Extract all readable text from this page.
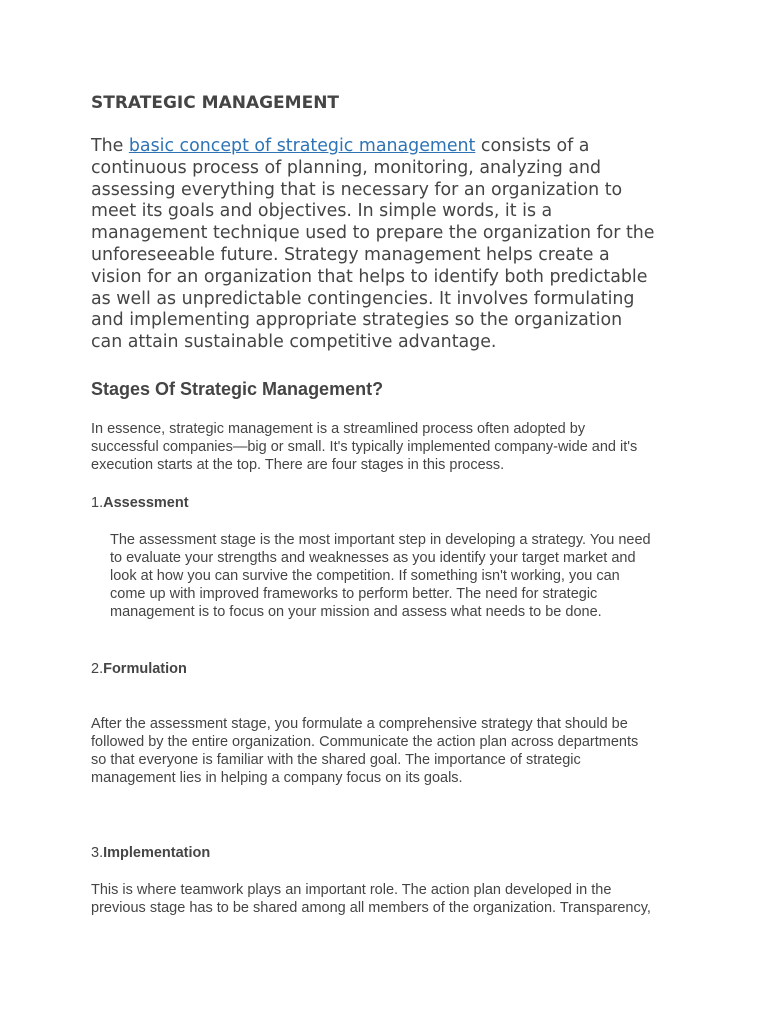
STRATEGIC MANAGEMENT
The basic concept of strategic management consists of a
continuous process of planning, monitoring, analyzing and
assessing everything that is necessary for an organization to
meet its goals and objectives. In simple words, it is a
management technique used to prepare the organization for the
unforeseeable future. Strategy management helps create a
vision for an organization that helps to identify both predictable
as well as unpredictable contingencies. It involves formulating
and implementing appropriate strategies so the organization
can attain sustainable competitive advantage.
Stages Of Strategic Management?

In essence, strategic management is a streamlined process often adopted by
successful companies—big or small. It's typically implemented company-wide and it's
execution starts at the top. There are four stages in this process.

1.Assessment

The assessment stage is the most important step in developing a strategy. You need
to evaluate your strengths and weaknesses as you identify your target market and
look at how you can survive the competition. If something isn't working, you can
come up with improved frameworks to perform better. The need for strategic
management is to focus on your mission and assess what needs to be done.

2.Formulation

After the assessment stage, you formulate a comprehensive strategy that should be
followed by the entire organization. Communicate the action plan across departments
so that everyone is familiar with the shared goal. The importance of strategic
management lies in helping a company focus on its goals.

3.Implementation

This is where teamwork plays an important role. The action plan developed in the
previous stage has to be shared among all members of the organization. Transparency,
